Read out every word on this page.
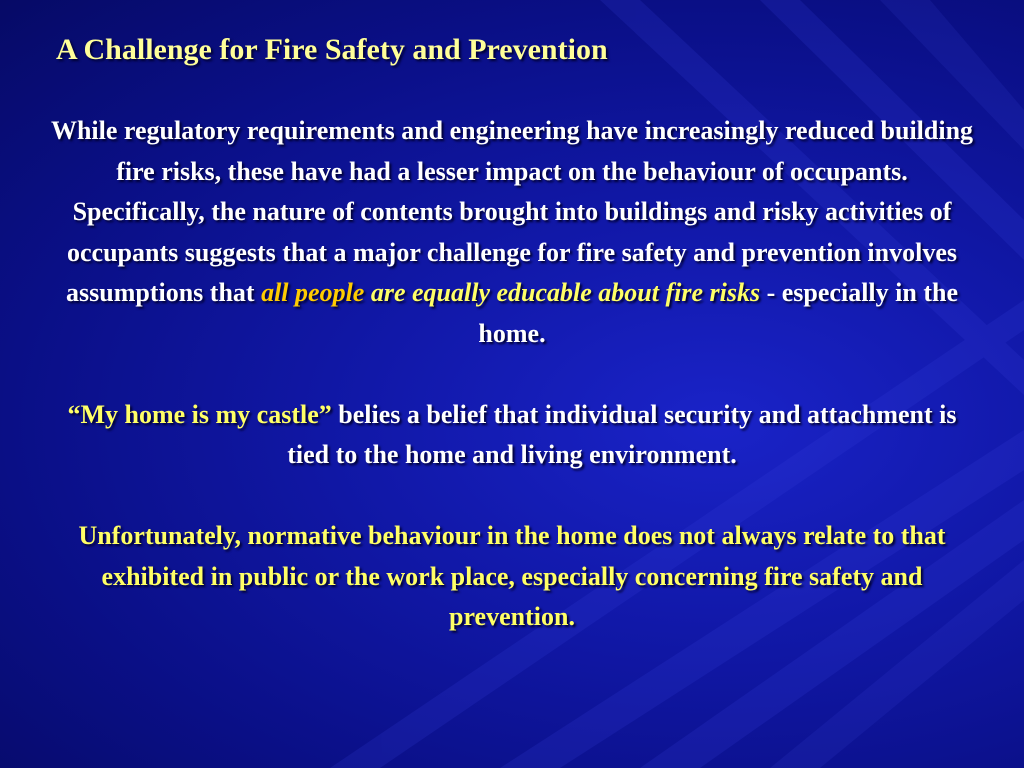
A Challenge for Fire Safety and Prevention

While regulatory requirements and engineering have increasingly reduced building fire risks, these have had a lesser impact on the behaviour of occupants. Specifically, the nature of contents brought into buildings and risky activities of occupants suggests that a major challenge for fire safety and prevention involves assumptions that all people are equally educable about fire risks - especially in the home.

“My home is my castle” belies a belief that individual security and attachment is tied to the home and living environment.

Unfortunately, normative behaviour in the home does not always relate to that exhibited in public or the work place, especially concerning fire safety and prevention.
